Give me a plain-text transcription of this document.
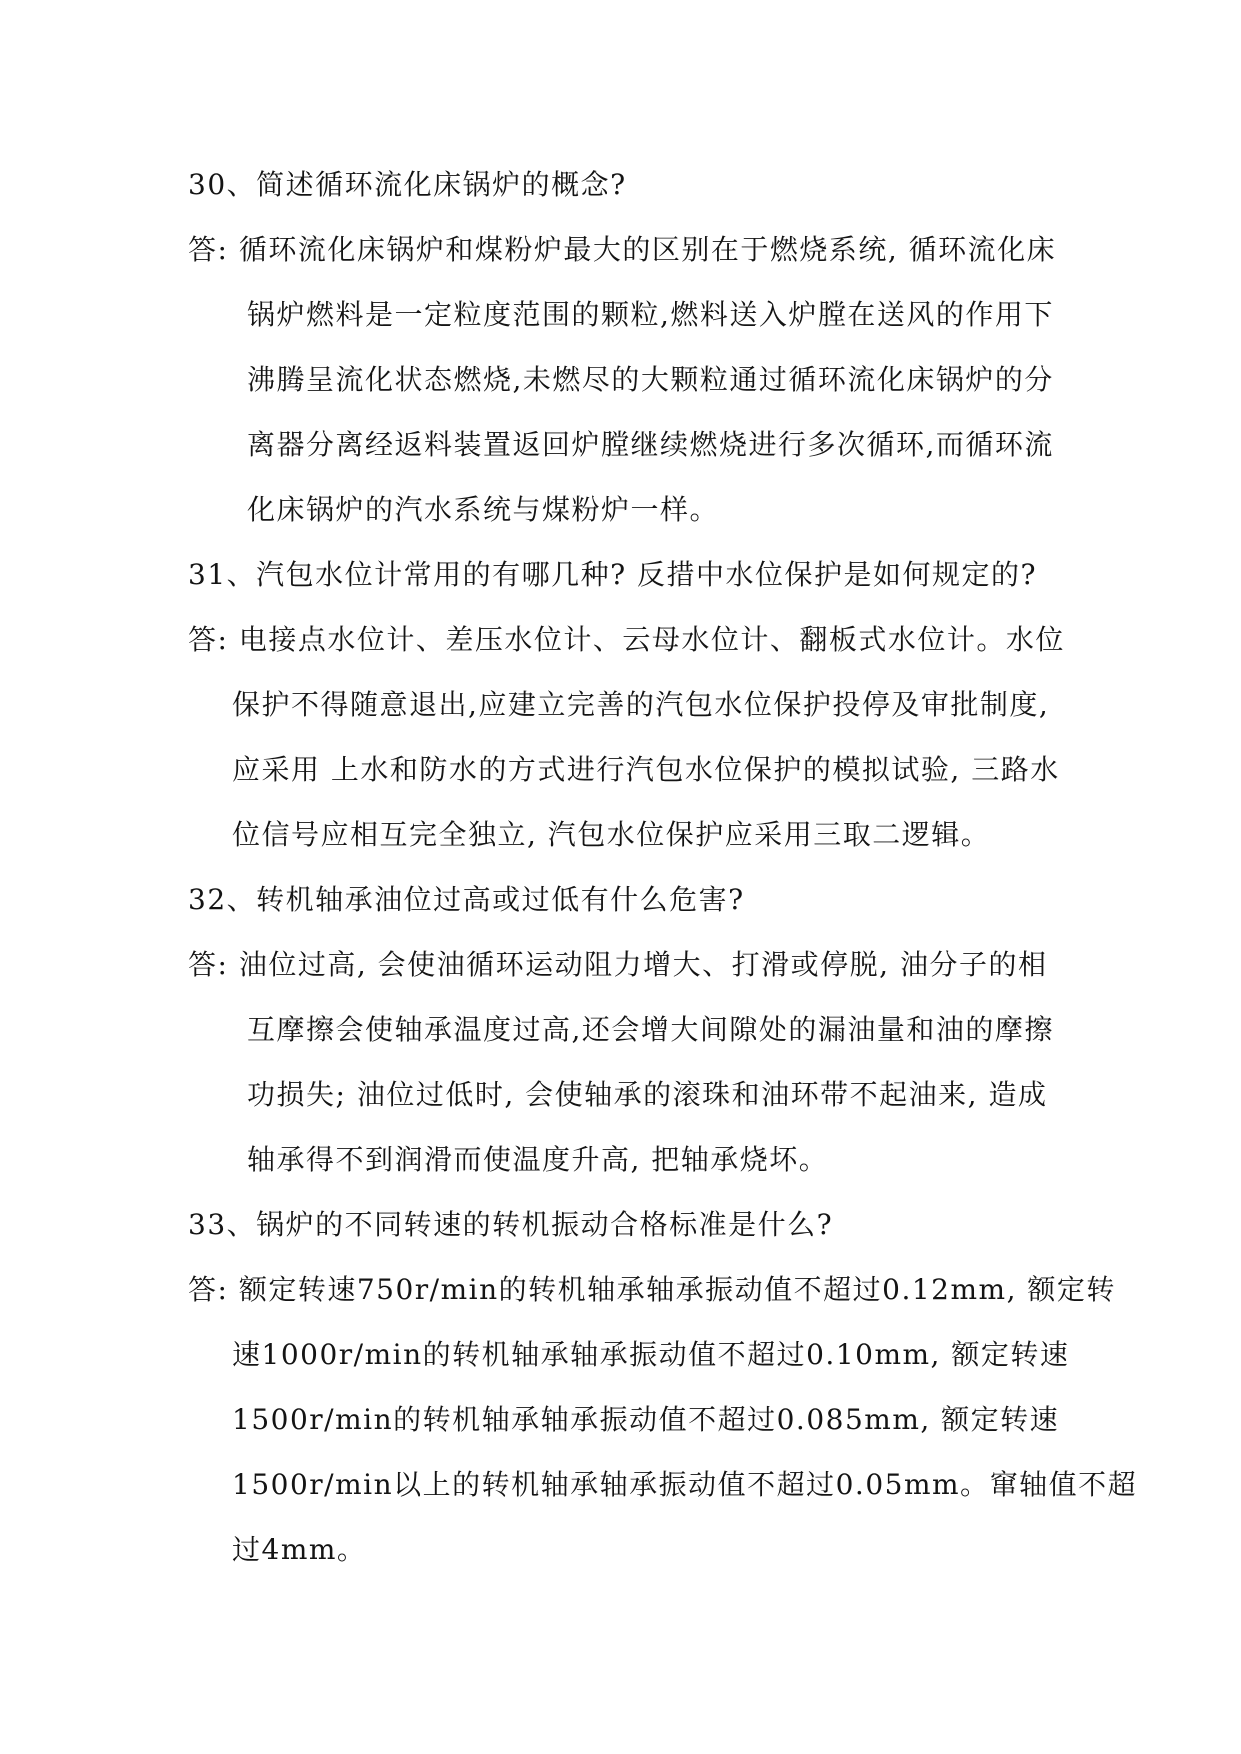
30、简述循环流化床锅炉的概念?
答: 循环流化床锅炉和煤粉炉最大的区别在于燃烧系统, 循环流化床
锅炉燃料是一定粒度范围的颗粒,燃料送入炉膛在送风的作用下
沸腾呈流化状态燃烧,未燃尽的大颗粒通过循环流化床锅炉的分
离器分离经返料装置返回炉膛继续燃烧进行多次循环,而循环流
化床锅炉的汽水系统与煤粉炉一样。
31、汽包水位计常用的有哪几种? 反措中水位保护是如何规定的?
答: 电接点水位计、差压水位计、云母水位计、翻板式水位计。水位
保护不得随意退出,应建立完善的汽包水位保护投停及审批制度,
应采用 上水和防水的方式进行汽包水位保护的模拟试验, 三路水
位信号应相互完全独立, 汽包水位保护应采用三取二逻辑。
32、转机轴承油位过高或过低有什么危害?
答: 油位过高, 会使油循环运动阻力增大、打滑或停脱, 油分子的相
互摩擦会使轴承温度过高,还会增大间隙处的漏油量和油的摩擦
功损失; 油位过低时, 会使轴承的滚珠和油环带不起油来, 造成
轴承得不到润滑而使温度升高, 把轴承烧坏。
33、锅炉的不同转速的转机振动合格标准是什么?
答: 额定转速750r/min的转机轴承轴承振动值不超过0.12mm, 额定转
速1000r/min的转机轴承轴承振动值不超过0.10mm, 额定转速
1500r/min的转机轴承轴承振动值不超过0.085mm, 额定转速
1500r/min以上的转机轴承轴承振动值不超过0.05mm。窜轴值不超
过4mm。
